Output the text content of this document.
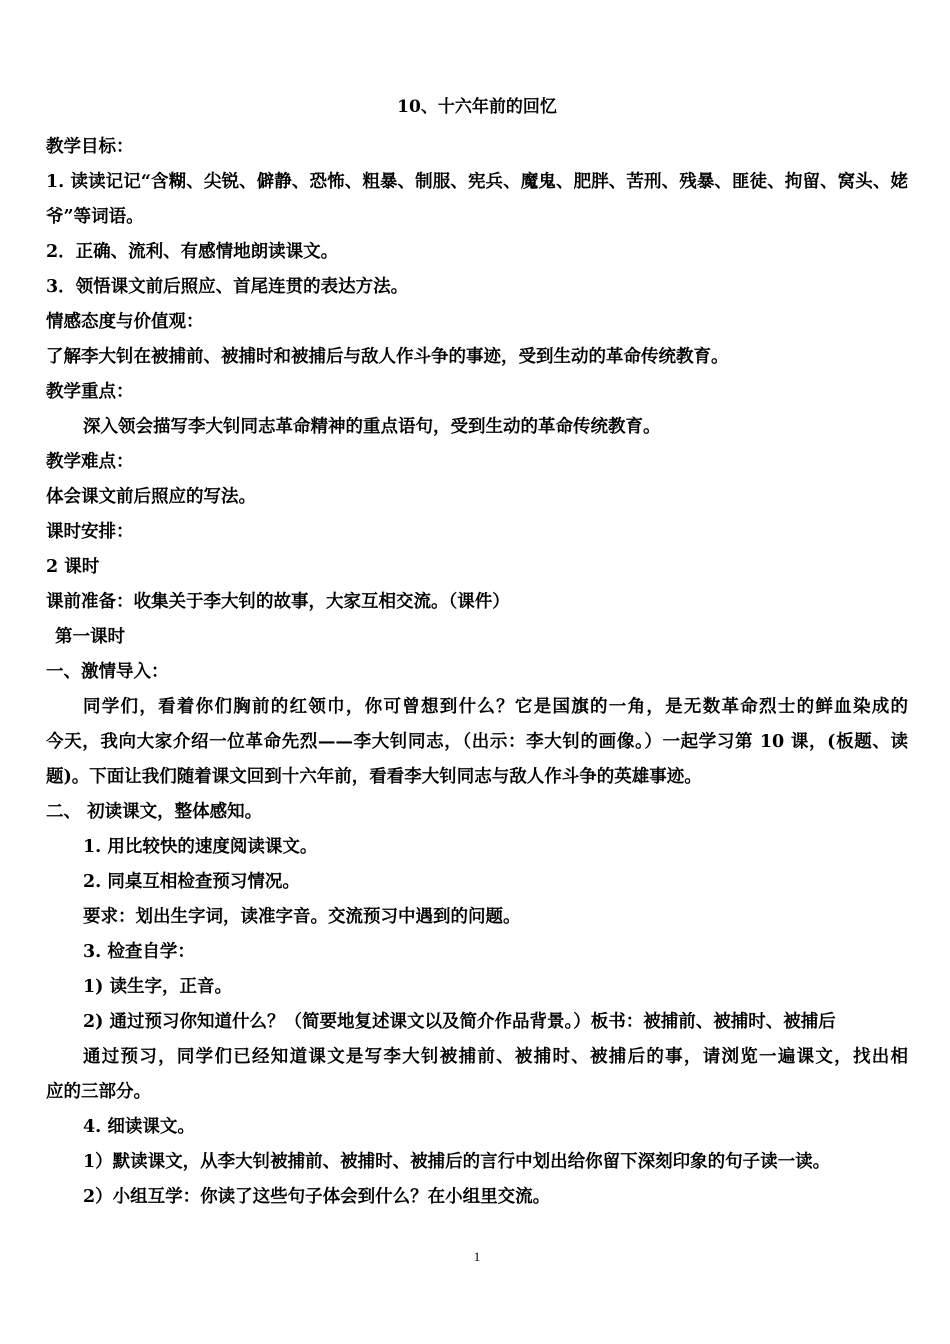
10、十六年前的回忆
教学目标：
1. 读读记记“含糊、尖锐、僻静、恐怖、粗暴、制服、宪兵、魔鬼、肥胖、苦刑、残暴、匪徒、拘留、窝头、姥
爷”等词语。
2．正确、流利、有感情地朗读课文。
3．领悟课文前后照应、首尾连贯的表达方法。
情感态度与价值观：
了解李大钊在被捕前、被捕时和被捕后与敌人作斗争的事迹，受到生动的革命传统教育。
教学重点：
深入领会描写李大钊同志革命精神的重点语句，受到生动的革命传统教育。
教学难点：
体会课文前后照应的写法。
课时安排：
2 课时
课前准备：收集关于李大钊的故事，大家互相交流。（课件）
第一课时
一、激情导入：
同学们，看着你们胸前的红领巾，你可曾想到什么？它是国旗的一角，是无数革命烈士的鲜血染成的
今天，我向大家介绍一位革命先烈——李大钊同志，（出示：李大钊的画像。）一起学习第 10 课，(板题、读
题)。下面让我们随着课文回到十六年前，看看李大钊同志与敌人作斗争的英雄事迹。
二、 初读课文，整体感知。
1. 用比较快的速度阅读课文。
2. 同桌互相检查预习情况。
要求：划出生字词，读准字音。交流预习中遇到的问题。
3. 检查自学：
1) 读生字，正音。
2) 通过预习你知道什么？（简要地复述课文以及简介作品背景。）板书：被捕前、被捕时、被捕后
通过预习，同学们已经知道课文是写李大钊被捕前、被捕时、被捕后的事，请浏览一遍课文，找出相
应的三部分。
4. 细读课文。
1）默读课文，从李大钊被捕前、被捕时、被捕后的言行中划出给你留下深刻印象的句子读一读。
2）小组互学：你读了这些句子体会到什么？在小组里交流。
1
